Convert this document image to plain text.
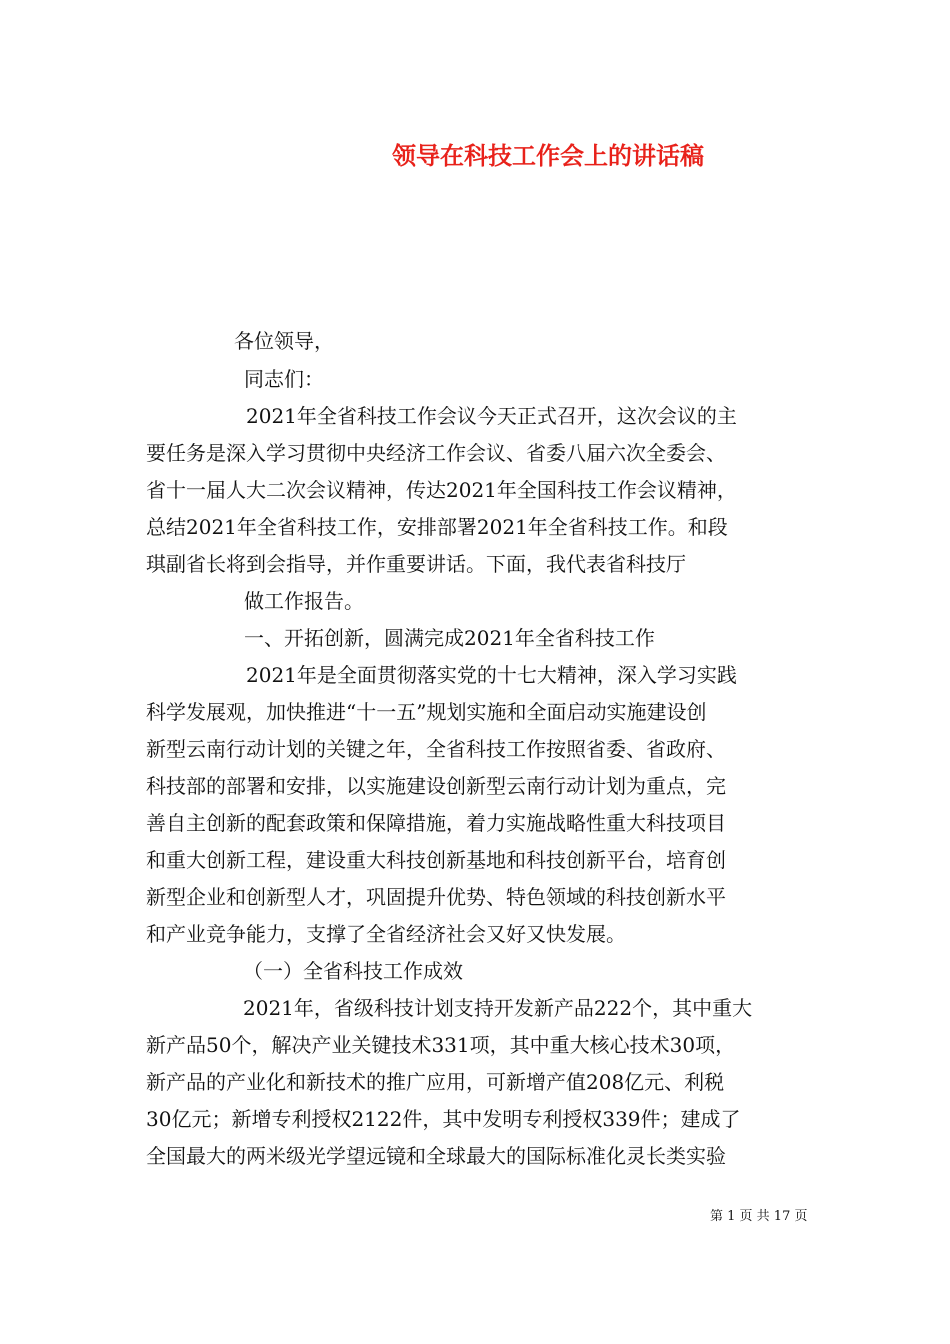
领导在科技工作会上的讲话稿
各位领导，
同志们：
2021年全省科技工作会议今天正式召开，这次会议的主
要任务是深入学习贯彻中央经济工作会议、省委八届六次全委会、
省十一届人大二次会议精神，传达2021年全国科技工作会议精神，
总结2021年全省科技工作，安排部署2021年全省科技工作。和段
琪副省长将到会指导，并作重要讲话。下面，我代表省科技厅
做工作报告。
一、开拓创新，圆满完成2021年全省科技工作
2021年是全面贯彻落实党的十七大精神，深入学习实践
科学发展观，加快推进“十一五”规划实施和全面启动实施建设创
新型云南行动计划的关键之年，全省科技工作按照省委、省政府、
科技部的部署和安排，以实施建设创新型云南行动计划为重点，完
善自主创新的配套政策和保障措施，着力实施战略性重大科技项目
和重大创新工程，建设重大科技创新基地和科技创新平台，培育创
新型企业和创新型人才，巩固提升优势、特色领域的科技创新水平
和产业竞争能力，支撑了全省经济社会又好又快发展。
（一）全省科技工作成效
2021年，省级科技计划支持开发新产品222个，其中重大
新产品50个，解决产业关键技术331项，其中重大核心技术30项，
新产品的产业化和新技术的推广应用，可新增产值208亿元、利税
30亿元；新增专利授权2122件，其中发明专利授权339件；建成了
全国最大的两米级光学望远镜和全球最大的国际标准化灵长类实验
第 1 页 共 17 页
